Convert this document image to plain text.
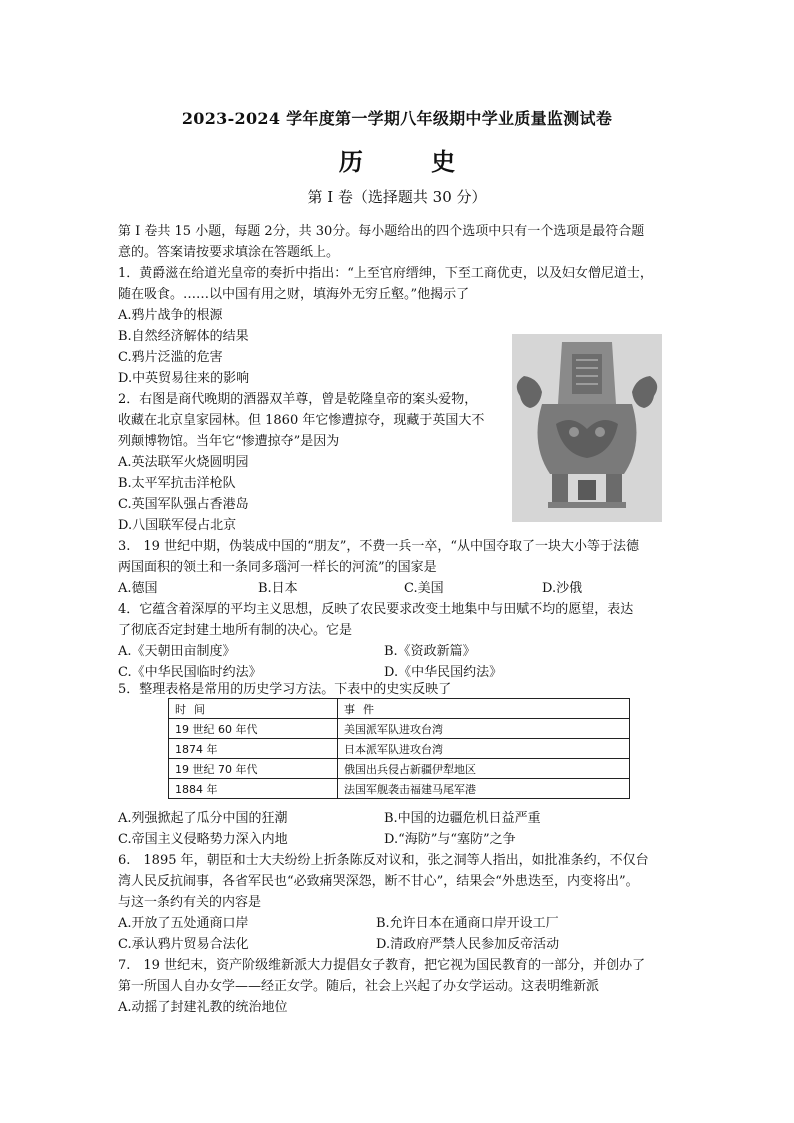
2023-2024 学年度第一学期八年级期中学业质量监测试卷
历 史
第 I 卷（选择题共 30 分）
第 I 卷共 15 小题，每题 2分，共 30分。每小题给出的四个选项中只有一个选项是最符合题
意的。答案请按要求填涂在答题纸上。
1．黄爵滋在给道光皇帝的奏折中指出：“上至官府缙绅，下至工商优吏，以及妇女僧尼道士，
随在吸食。……以中国有用之财，填海外无穷丘壑。”他揭示了
A.鸦片战争的根源
B.自然经济解体的结果
C.鸦片泛滥的危害
D.中英贸易往来的影响
2．右图是商代晚期的酒器双羊尊，曾是乾隆皇帝的案头爱物，
收藏在北京皇家园林。但 1860 年它惨遭掠夺，现藏于英国大不
列颠博物馆。当年它“惨遭掠夺”是因为
A.英法联军火烧圆明园
B.太平军抗击洋枪队
C.英国军队强占香港岛
D.八国联军侵占北京
3.　19 世纪中期，伪装成中国的“朋友”，不费一兵一卒，“从中国夺取了一块大小等于法德
两国面积的领土和一条同多瑙河一样长的河流”的国家是
A.德国	B.日本	C.美国	D.沙俄
4．它蕴含着深厚的平均主义思想，反映了农民要求改变土地集中与田赋不均的愿望，表达
了彻底否定封建土地所有制的决心。它是
A.《天朝田亩制度》	B.《资政新篇》
C.《中华民国临时约法》	D.《中华民国约法》
5．整理表格是常用的历史学习方法。下表中的史实反映了
时间	事件
19 世纪 60 年代	美国派军队进攻台湾
1874 年	日本派军队进攻台湾
19 世纪 70 年代	俄国出兵侵占新疆伊犁地区
1884 年	法国军舰袭击福建马尾军港
A.列强掀起了瓜分中国的狂潮	B.中国的边疆危机日益严重
C.帝国主义侵略势力深入内地	D.“海防”与“塞防”之争
6.　1895 年，朝臣和士大夫纷纷上折条陈反对议和，张之洞等人指出，如批准条约，不仅台
湾人民反抗闹事，各省军民也“必致痛哭深怨，断不甘心”，结果会“外患迭至，内变将出”。
与这一条约有关的内容是
A.开放了五处通商口岸	B.允许日本在通商口岸开设工厂
C.承认鸦片贸易合法化	D.清政府严禁人民参加反帝活动
7.　19 世纪末，资产阶级维新派大力提倡女子教育，把它视为国民教育的一部分，并创办了
第一所国人自办女学——经正女学。随后，社会上兴起了办女学运动。这表明维新派
A.动摇了封建礼教的统治地位
